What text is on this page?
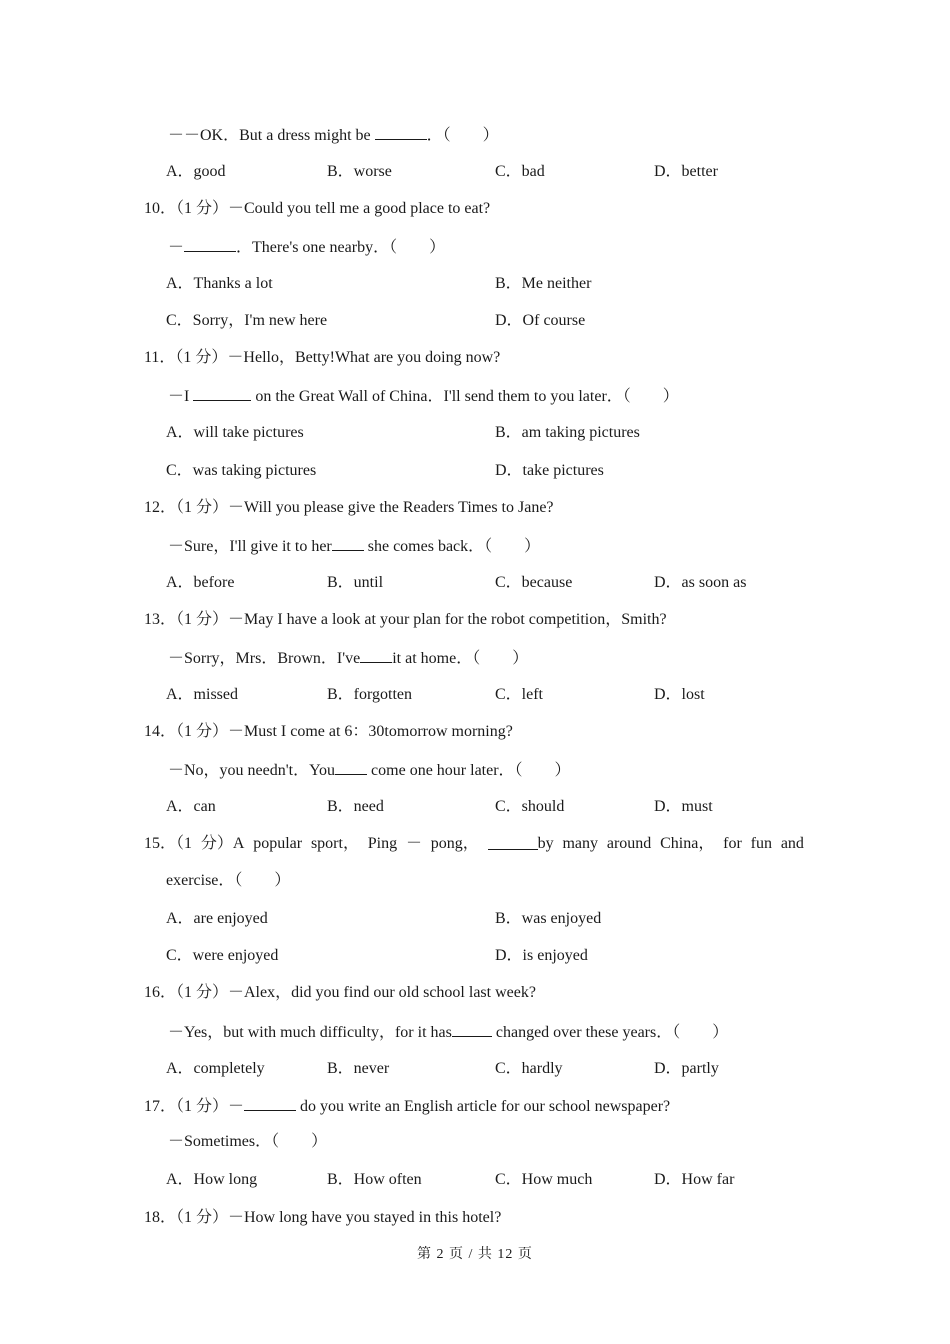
－－OK．But a dress might be	．（　　）
A．good	B．worse	C．bad	D．better
10．（1 分）－Could you tell me a good place to eat?
－	．There's one nearby．（　　）
A．Thanks a lot	B．Me neither
C．Sorry，I'm new here	D．Of course
11．（1 分）－Hello，Betty!What are you doing now?
－I	on the Great Wall of China．I'll send them to you later．（　　）
A．will take pictures	B．am taking pictures
C．was taking pictures	D．take pictures
12．（1 分）－Will you please give the Readers Times to Jane?
－Sure，I'll give it to her she comes back．（　　）
A．before	B．until	C．because	D．as soon as
13．（1 分）－May I have a look at your plan for the robot competition，Smith?
－Sorry，Mrs．Brown．I've it at home．（　　）
A．missed	B．forgotten	C．left	D．lost
14．（1 分）－Must I come at 6：30tomorrow morning?
－No，you needn't．You come one hour later．（　　）
A．can	B．need	C．should	D．must
15．（1 分）A popular sport， Ping － pong，	by many around China， for fun and
exercise．（　　）
A．are enjoyed	B．was enjoyed
C．were enjoyed	D．is enjoyed
16．（1 分）－Alex，did you find our old school last week?
－Yes，but with much difficulty，for it has	changed over these years．（　　）
A．completely	B．never	C．hardly	D．partly
17．（1 分）－	do you write an English article for our school newspaper?
－Sometimes．（　　）
A．How long	B．How often	C．How much	D．How far
18．（1 分）－How long have you stayed in this hotel?
第 2 页 / 共 12 页
